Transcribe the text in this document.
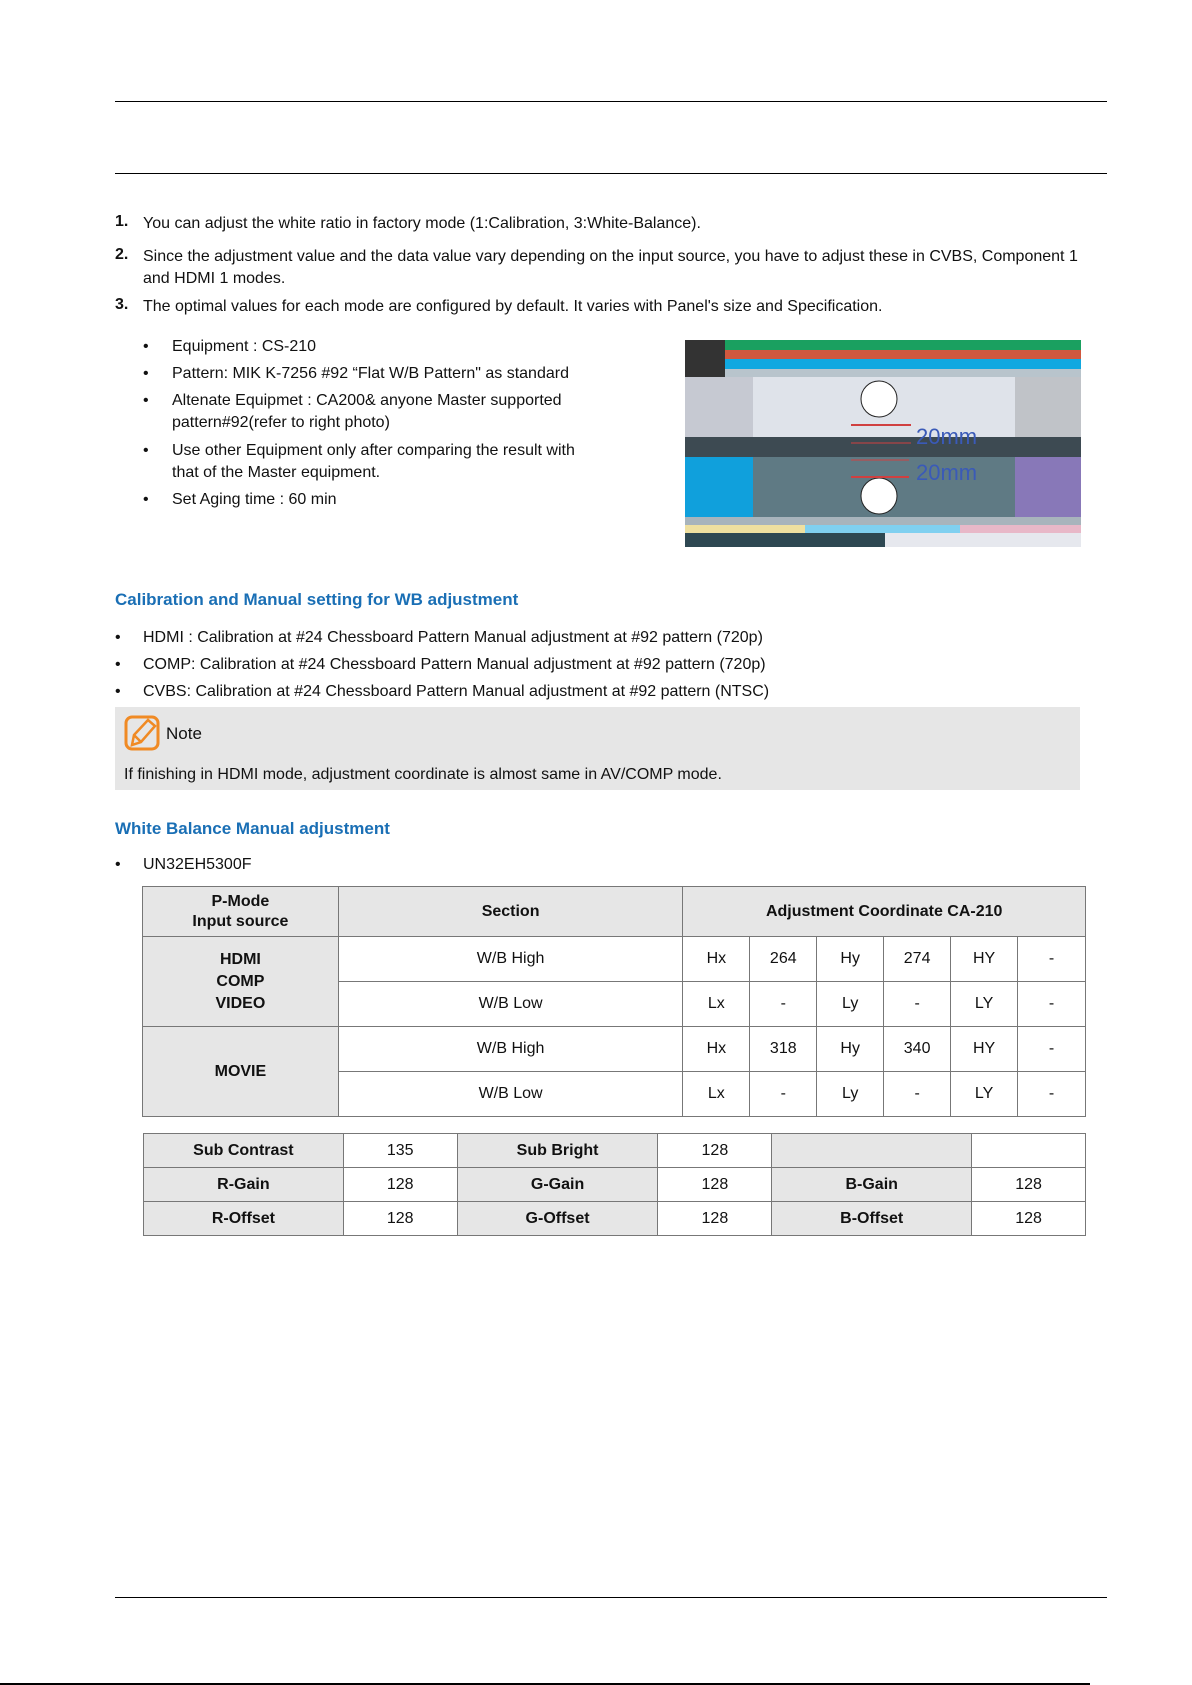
1. You can adjust the white ratio in factory mode (1:Calibration, 3:White-Balance).
2. Since the adjustment value and the data value vary depending on the input source, you have to adjust these in CVBS, Component 1 and HDMI 1 modes.
3. The optimal values for each mode are configured by default. It varies with Panel's size and Specification.
• Equipment : CS-210
• Pattern: MIK K-7256 #92 “Flat W/B Pattern" as standard
• Altenate Equipmet : CA200& anyone Master supported pattern#92(refer to right photo)
• Use other Equipment only after comparing the result with that of the Master equipment.
• Set Aging time : 60 min
20mm
20mm
Calibration and Manual setting for WB adjustment
• HDMI : Calibration at #24 Chessboard Pattern Manual adjustment at #92 pattern (720p)
• COMP: Calibration at #24 Chessboard Pattern Manual adjustment at #92 pattern (720p)
• CVBS: Calibration at #24 Chessboard Pattern Manual adjustment at #92 pattern (NTSC)
Note
If finishing in HDMI mode, adjustment coordinate is almost same in AV/COMP mode.
White Balance Manual adjustment
• UN32EH5300F
P-Mode
Input source	Section	Adjustment Coordinate CA-210					
HDMI
COMP
VIDEO	W/B High	Hx	264	Hy	274	HY	-
	W/B Low	Lx	-	Ly	-	LY	-
MOVIE	W/B High	Hx	318	Hy	340	HY	-
	W/B Low	Lx	-	Ly	-	LY	-
Sub Contrast	135	Sub Bright	128		
R-Gain	128	G-Gain	128	B-Gain	128
R-Offset	128	G-Offset	128	B-Offset	128
